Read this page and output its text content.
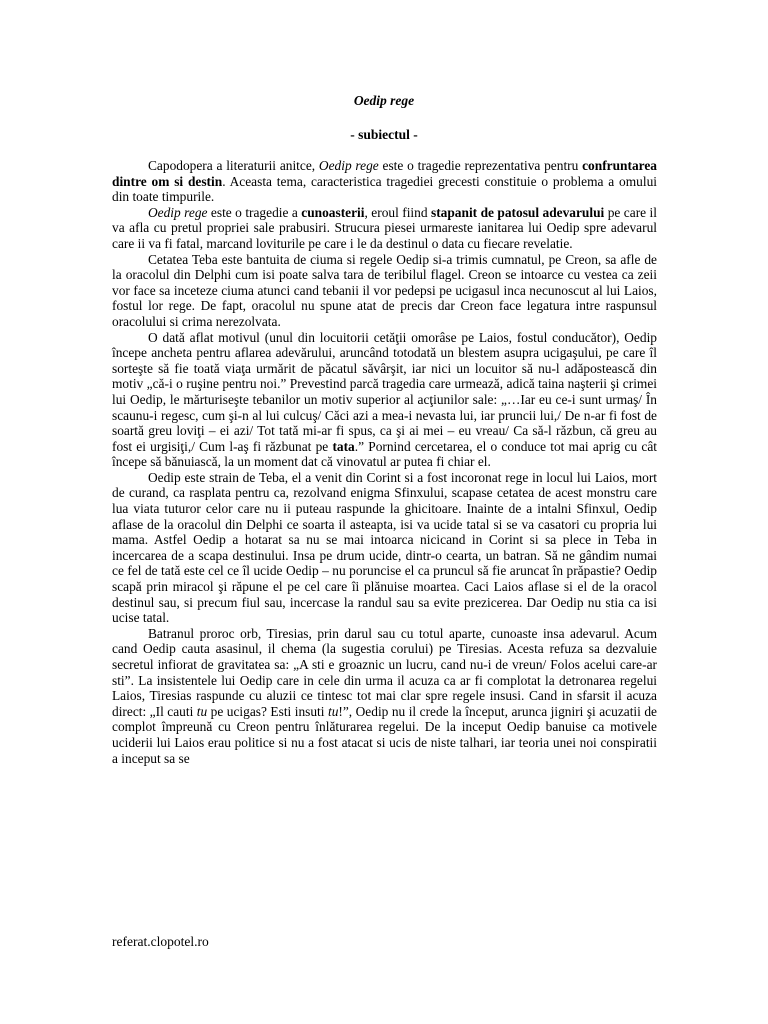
Oedip rege
- subiectul -

Capodopera a literaturii anitce, Oedip rege este o tragedie reprezentativa pentru confruntarea dintre om si destin. Aceasta tema, caracteristica tragediei grecesti constituie o problema a omului din toate timpurile.

Oedip rege este o tragedie a cunoasterii, eroul fiind stapanit de patosul adevarului pe care il va afla cu pretul propriei sale prabusiri. Strucura piesei urmareste ianitarea lui Oedip spre adevarul care ii va fi fatal, marcand loviturile pe care i le da destinul o data cu fiecare revelatie.

Cetatea Teba este bantuita de ciuma si regele Oedip si-a trimis cumnatul, pe Creon, sa afle de la oracolul din Delphi cum isi poate salva tara de teribilul flagel. Creon se intoarce cu vestea ca zeii vor face sa inceteze ciuma atunci cand tebanii il vor pedepsi pe ucigasul inca necunoscut al lui Laios, fostul lor rege. De fapt, oracolul nu spune atat de precis dar Creon face legatura intre raspunsul oracolului si crima nerezolvata.

O dată aflat motivul (unul din locuitorii cetăţii omorâse pe Laios, fostul conducător), Oedip începe ancheta pentru aflarea adevărului, aruncând totodată un blestem asupra ucigaşului, pe care îl sorteşte să fie toată viaţa urmărit de păcatul săvârşit, iar nici un locuitor să nu-l adăpostească din motiv „că-i o ruşine pentru noi.” Prevestind parcă tragedia care urmează, adică taina naşterii şi crimei lui Oedip, le mărturiseşte tebanilor un motiv superior al acţiunilor sale: „…Iar eu ce-i sunt urmaş/ În scaunu-i regesc, cum şi-n al lui culcuş/ Căci azi a mea-i nevasta lui, iar pruncii lui,/ De n-ar fi fost de soartă greu loviţi – ei azi/ Tot tată mi-ar fi spus, ca şi ai mei – eu vreau/ Ca să-l răzbun, că greu au fost ei urgisiţi,/ Cum l-aş fi răzbunat pe tata.” Pornind cercetarea, el o conduce tot mai aprig cu cât începe să bănuiască, la un moment dat că vinovatul ar putea fi chiar el.

Oedip este strain de Teba, el a venit din Corint si a fost incoronat rege in locul lui Laios, mort de curand, ca rasplata pentru ca, rezolvand enigma Sfinxului, scapase cetatea de acest monstru care lua viata tuturor celor care nu ii puteau raspunde la ghicitoare. Inainte de a intalni Sfinxul, Oedip aflase de la oracolul din Delphi ce soarta il asteapta, isi va ucide tatal si se va casatori cu propria lui mama. Astfel Oedip a hotarat sa nu se mai intoarca nicicand in Corint si sa plece in Teba in incercarea de a scapa destinului. Insa pe drum ucide, dintr-o cearta, un batran. Să ne gândim numai ce fel de tată este cel ce îl ucide Oedip – nu poruncise el ca pruncul să fie aruncat în prăpastie? Oedip scapă prin miracol şi răpune el pe cel care îi plănuise moartea. Caci Laios aflase si el de la oracol destinul sau, si precum fiul sau, incercase la randul sau sa evite prezicerea. Dar Oedip nu stia ca isi ucise tatal.

Batranul proroc orb, Tiresias, prin darul sau cu totul aparte, cunoaste insa adevarul. Acum cand Oedip cauta asasinul, il chema (la sugestia corului) pe Tiresias. Acesta refuza sa dezvaluie secretul infiorat de gravitatea sa: „A sti e groaznic un lucru, cand nu-i de vreun/ Folos acelui care-ar sti”. La insistentele lui Oedip care in cele din urma il acuza ca ar fi complotat la detronarea regelui Laios, Tiresias raspunde cu aluzii ce tintesc tot mai clar spre regele insusi. Cand in sfarsit il acuza direct: „Il cauti tu pe ucigas? Esti insuti tu!”, Oedip nu il crede la început, arunca jigniri şi acuzatii de complot împreună cu Creon pentru înlăturarea regelui. De la inceput Oedip banuise ca motivele uciderii lui Laios erau politice si nu a fost atacat si ucis de niste talhari, iar teoria unei noi conspiratii a inceput sa se

referat.clopotel.ro
